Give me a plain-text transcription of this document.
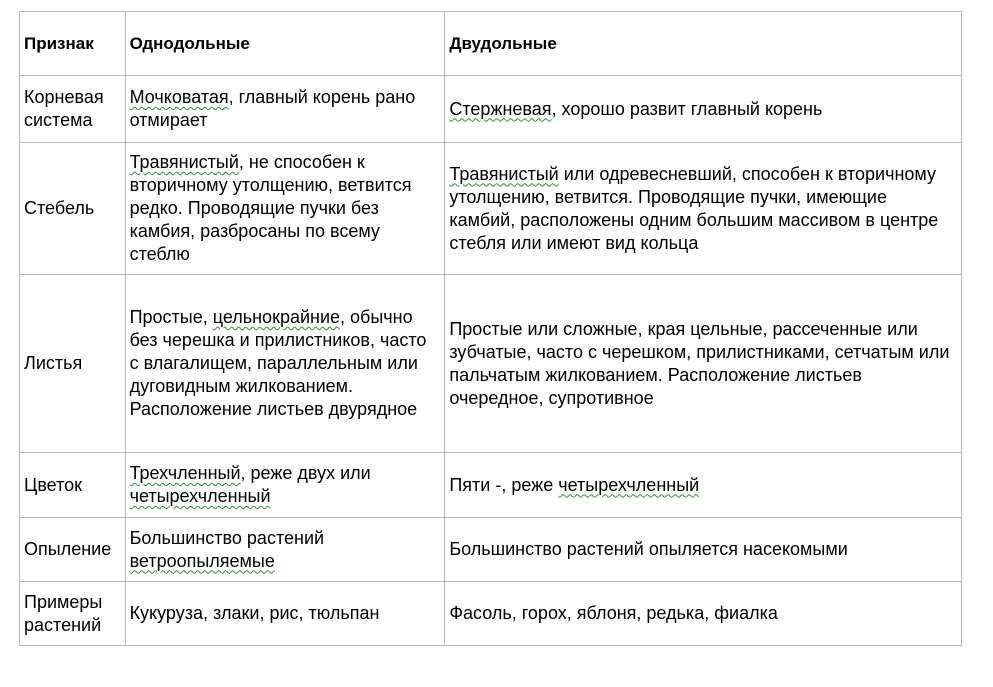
Признак	Однодольные	Двудольные
Корневая система	Мочковатая, главный корень рано отмирает	Стержневая, хорошо развит главный корень
Стебель	Травянистый, не способен к вторичному утолщению, ветвится редко. Проводящие пучки без камбия, разбросаны по всему стеблю	Травянистый или одревесневший, способен к вторичному утолщению, ветвится. Проводящие пучки, имеющие камбий, расположены одним большим массивом в центре стебля или имеют вид кольца
Листья	Простые, цельнокрайние, обычно без черешка и прилистников, часто с влагалищем, параллельным или дуговидным жилкованием. Расположение листьев двурядное	Простые или сложные, края цельные, рассеченные или зубчатые, часто с черешком, прилистниками, сетчатым или пальчатым жилкованием. Расположение листьев очередное, супротивное
Цветок	Трехчленный, реже двух или четырехчленный	Пяти -, реже четырехчленный
Опыление	Большинство растений ветроопыляемые	Большинство растений опыляется насекомыми
Примеры растений	Кукуруза, злаки, рис, тюльпан	Фасоль, горох, яблоня, редька, фиалка
